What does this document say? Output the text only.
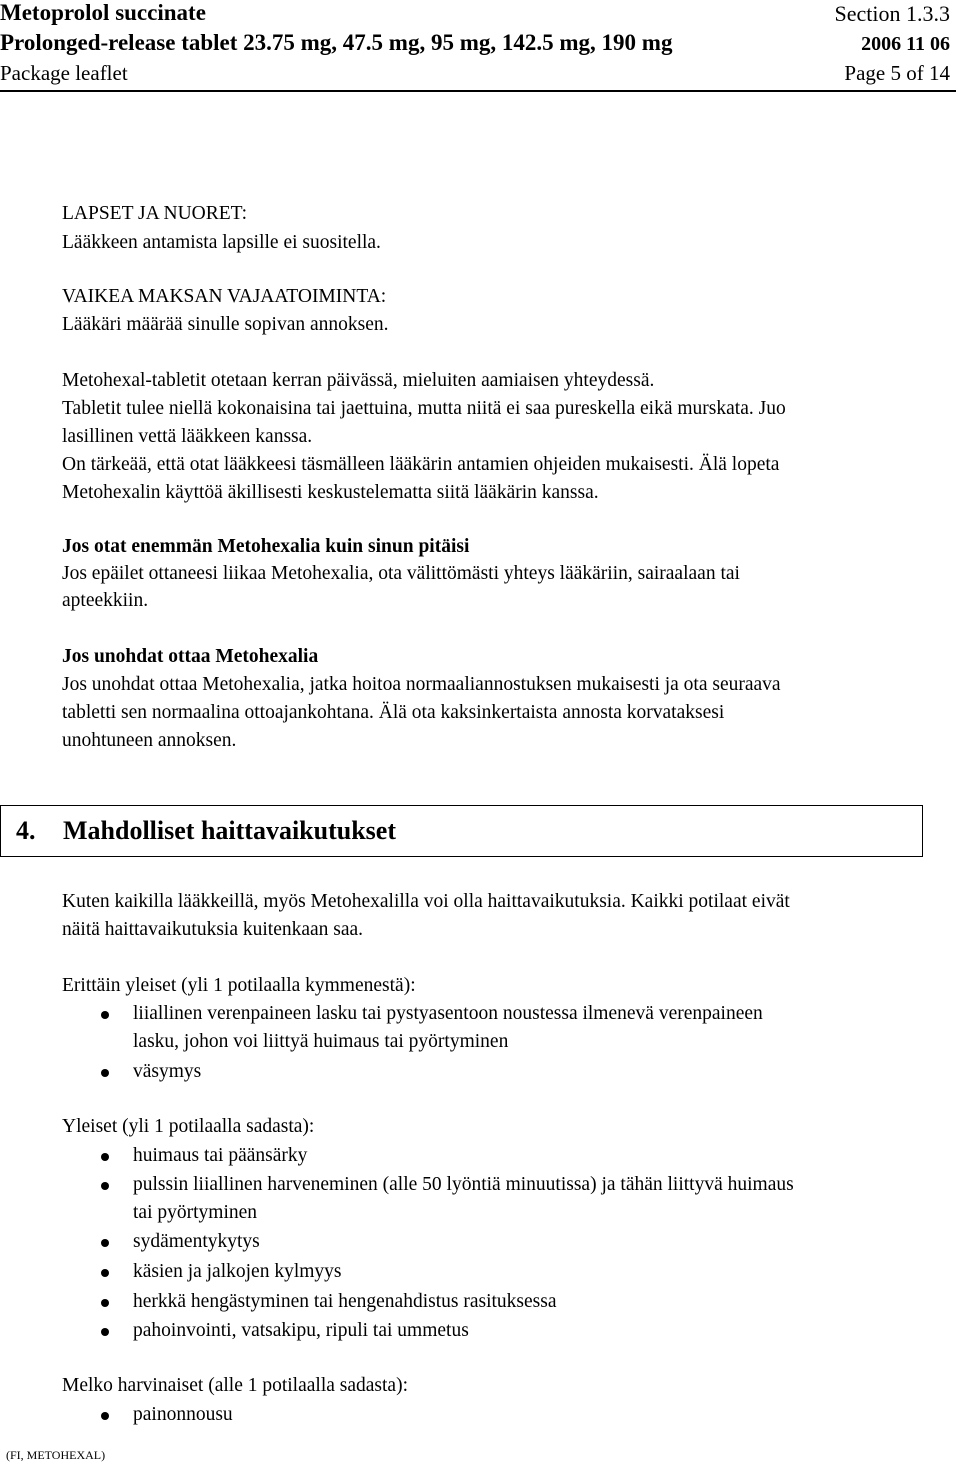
Metoprolol succinate	Section 1.3.3
Prolonged-release tablet 23.75 mg, 47.5 mg, 95 mg, 142.5 mg, 190 mg	2006 11 06
Package leaflet	Page 5 of 14
LAPSET JA NUORET:
Lääkkeen antamista lapsille ei suositella.
VAIKEA MAKSAN VAJAATOIMINTA:
Lääkäri määrää sinulle sopivan annoksen.
Metohexal-tabletit otetaan kerran päivässä, mieluiten aamiaisen yhteydessä.
Tabletit tulee niellä kokonaisina tai jaettuina, mutta niitä ei saa pureskella eikä murskata. Juo
lasillinen vettä lääkkeen kanssa.
On tärkeää, että otat lääkkeesi täsmälleen lääkärin antamien ohjeiden mukaisesti. Älä lopeta
Metohexalin käyttöä äkillisesti keskustelematta siitä lääkärin kanssa.
Jos otat enemmän Metohexalia kuin sinun pitäisi
Jos epäilet ottaneesi liikaa Metohexalia, ota välittömästi yhteys lääkäriin, sairaalaan tai
apteekkiin.
Jos unohdat ottaa Metohexalia
Jos unohdat ottaa Metohexalia, jatka hoitoa normaaliannostuksen mukaisesti ja ota seuraava
tabletti sen normaalina ottoajankohtana. Älä ota kaksinkertaista annosta korvataksesi
unohtuneen annoksen.
4. Mahdolliset haittavaikutukset
Kuten kaikilla lääkkeillä, myös Metohexalilla voi olla haittavaikutuksia. Kaikki potilaat eivät
näitä haittavaikutuksia kuitenkaan saa.
Erittäin yleiset (yli 1 potilaalla kymmenestä):
liiallinen verenpaineen lasku tai pystyasentoon noustessa ilmenevä verenpaineen
lasku, johon voi liittyä huimaus tai pyörtyminen
väsymys
Yleiset (yli 1 potilaalla sadasta):
huimaus tai päänsärky
pulssin liiallinen harveneminen (alle 50 lyöntiä minuutissa) ja tähän liittyvä huimaus
tai pyörtyminen
sydämentykytys
käsien ja jalkojen kylmyys
herkkä hengästyminen tai hengenahdistus rasituksessa
pahoinvointi, vatsakipu, ripuli tai ummetus
Melko harvinaiset (alle 1 potilaalla sadasta):
painonnousu
(FI, METOHEXAL)
